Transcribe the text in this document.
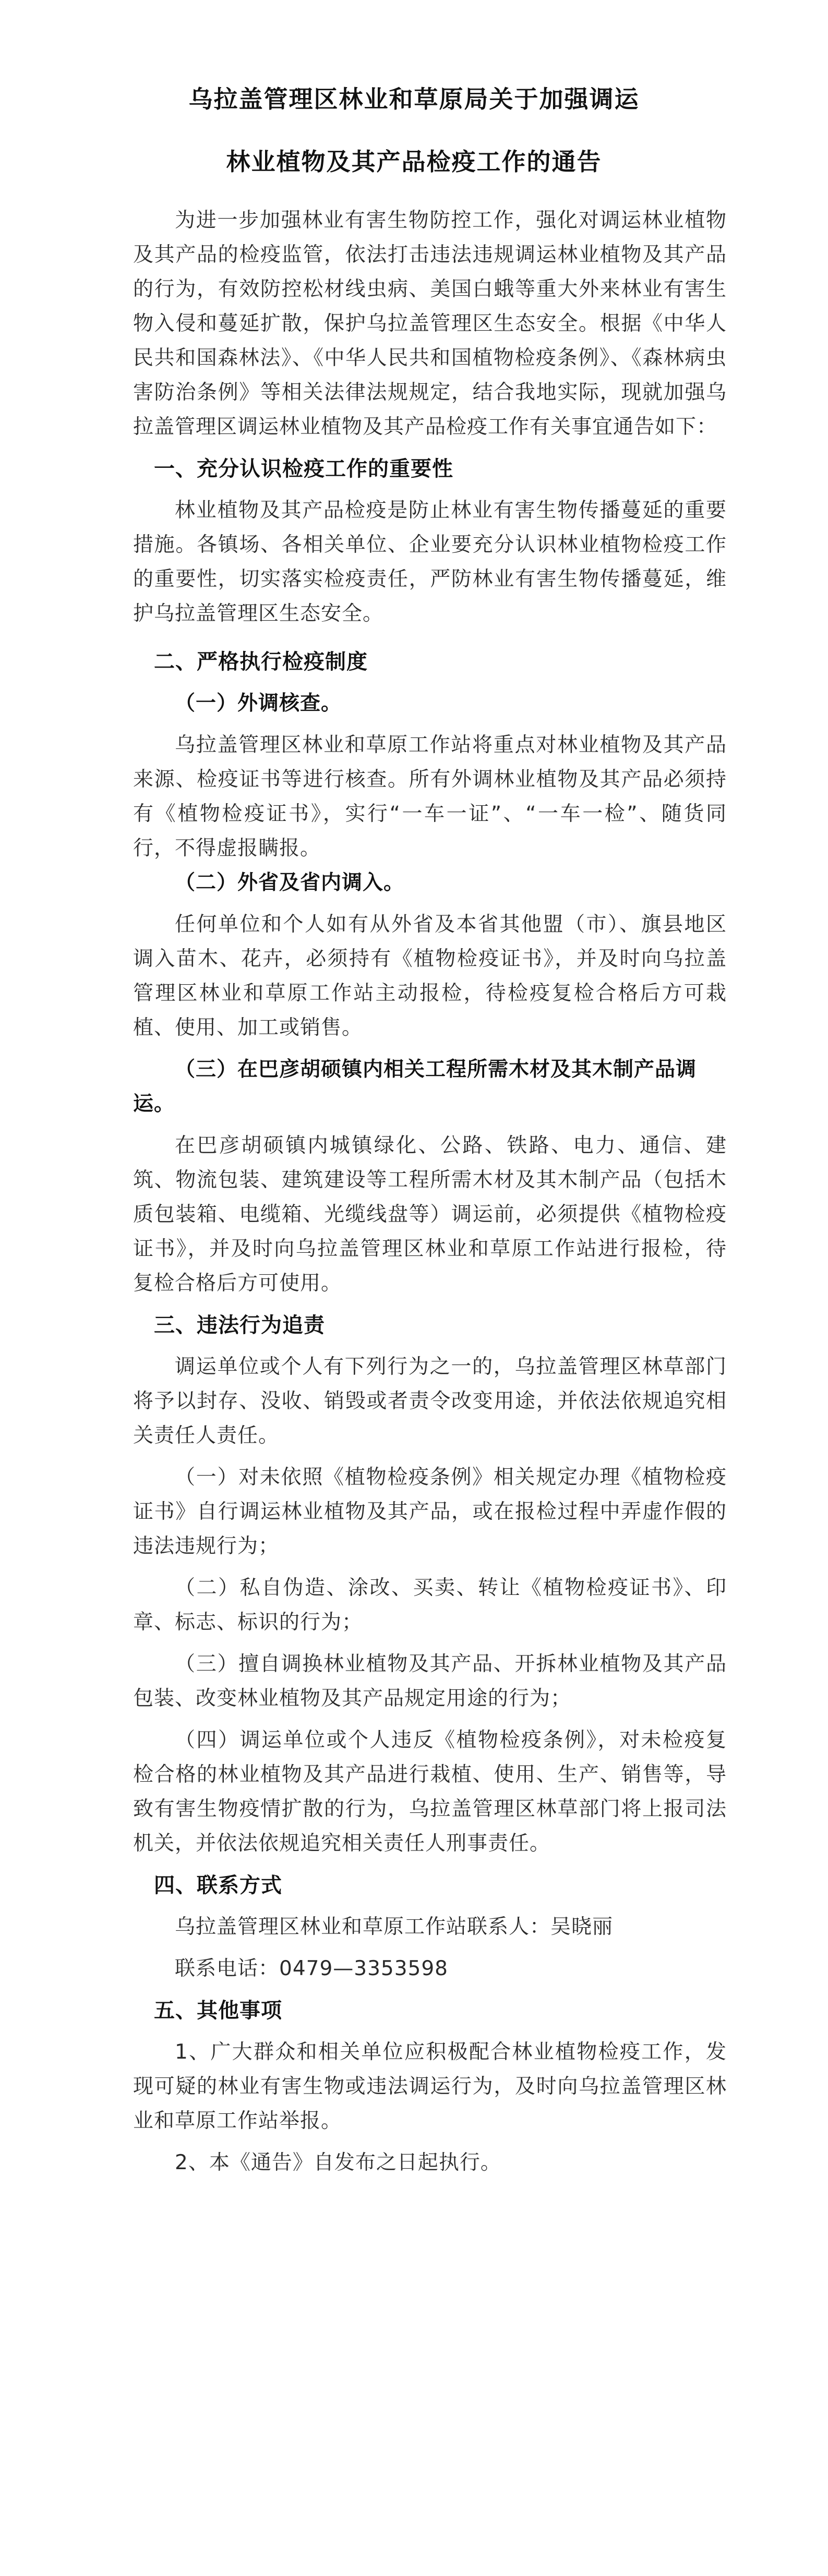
乌拉盖管理区林业和草原局关于加强调运
林业植物及其产品检疫工作的通告

为进一步加强林业有害生物防控工作，强化对调运林业植物及其产品的检疫监管，依法打击违法违规调运林业植物及其产品的行为，有效防控松材线虫病、美国白蛾等重大外来林业有害生物入侵和蔓延扩散，保护乌拉盖管理区生态安全。根据《中华人民共和国森林法》、《中华人民共和国植物检疫条例》、《森林病虫害防治条例》等相关法律法规规定，结合我地实际，现就加强乌拉盖管理区调运林业植物及其产品检疫工作有关事宜通告如下：

一、充分认识检疫工作的重要性

林业植物及其产品检疫是防止林业有害生物传播蔓延的重要措施。各镇场、各相关单位、企业要充分认识林业植物检疫工作的重要性，切实落实检疫责任，严防林业有害生物传播蔓延，维护乌拉盖管理区生态安全。

二、严格执行检疫制度

（一）外调核查。

乌拉盖管理区林业和草原工作站将重点对林业植物及其产品来源、检疫证书等进行核查。所有外调林业植物及其产品必须持有《植物检疫证书》，实行“一车一证”、“一车一检”、随货同行，不得虚报瞒报。

（二）外省及省内调入。

任何单位和个人如有从外省及本省其他盟（市）、旗县地区调入苗木、花卉，必须持有《植物检疫证书》，并及时向乌拉盖管理区林业和草原工作站主动报检，待检疫复检合格后方可栽植、使用、加工或销售。

（三）在巴彦胡硕镇内相关工程所需木材及其木制产品调运。

在巴彦胡硕镇内城镇绿化、公路、铁路、电力、通信、建筑、物流包装、建筑建设等工程所需木材及其木制产品（包括木质包装箱、电缆箱、光缆线盘等）调运前，必须提供《植物检疫证书》，并及时向乌拉盖管理区林业和草原工作站进行报检，待复检合格后方可使用。

三、违法行为追责

调运单位或个人有下列行为之一的，乌拉盖管理区林草部门将予以封存、没收、销毁或者责令改变用途，并依法依规追究相关责任人责任。

（一）对未依照《植物检疫条例》相关规定办理《植物检疫证书》自行调运林业植物及其产品，或在报检过程中弄虚作假的违法违规行为；

（二）私自伪造、涂改、买卖、转让《植物检疫证书》、印章、标志、标识的行为；

（三）擅自调换林业植物及其产品、开拆林业植物及其产品包装、改变林业植物及其产品规定用途的行为；

（四）调运单位或个人违反《植物检疫条例》，对未检疫复检合格的林业植物及其产品进行栽植、使用、生产、销售等，导致有害生物疫情扩散的行为，乌拉盖管理区林草部门将上报司法机关，并依法依规追究相关责任人刑事责任。

四、联系方式

乌拉盖管理区林业和草原工作站联系人：吴晓丽

联系电话：0479—3353598

五、其他事项

1、广大群众和相关单位应积极配合林业植物检疫工作，发现可疑的林业有害生物或违法调运行为，及时向乌拉盖管理区林业和草原工作站举报。

2、本《通告》自发布之日起执行。
